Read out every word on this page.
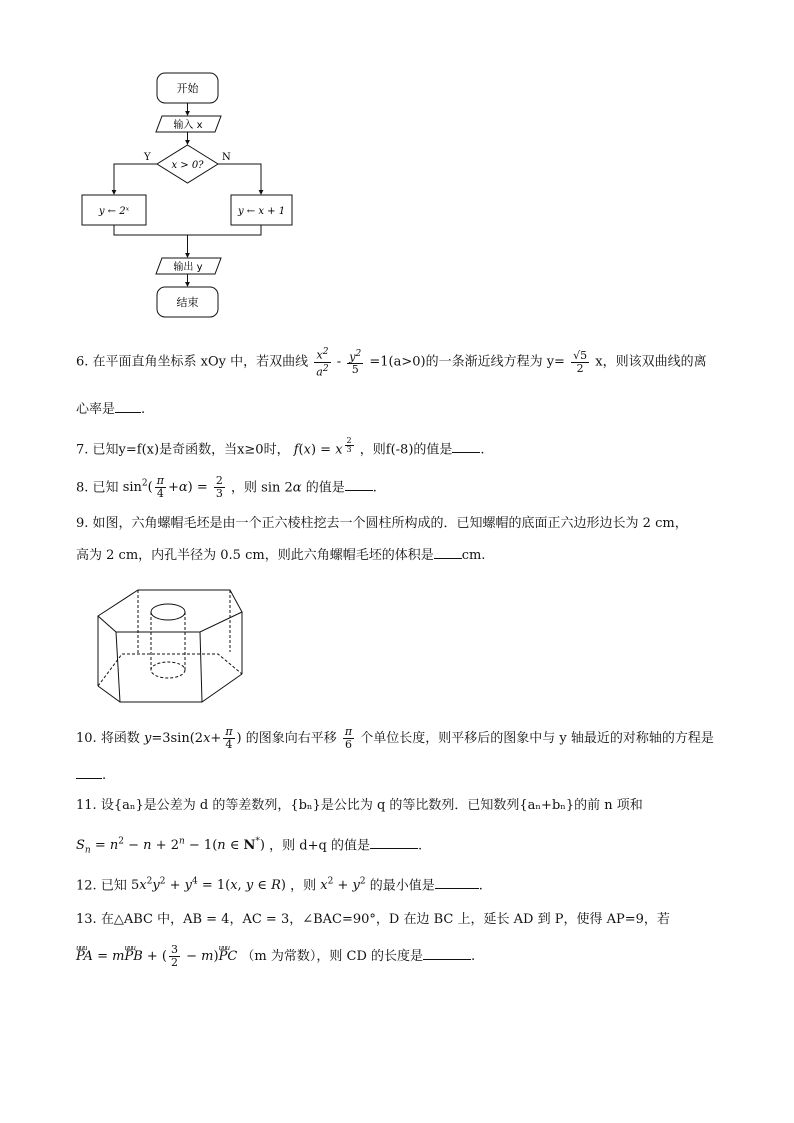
开始
输入 x
x > 0?
Y	N
y ← 2ˣ	y ← x + 1
输出 y
结束
6. 在平面直角坐标系 xOy 中，若双曲线 $\frac{x^2}{a^2} - \frac{y^2}{5} =1(a>0)$的一条渐近线方程为 $y= \frac{√5}{2}$ x，则该双曲线的离
心率是 .
7. 已知y=f(x)是奇函数，当x≥0时， f(x) = x $^{\frac{2}{3}}$ ，则f(-8)的值是 .
8. 已知 $\sin^2( \frac{\pi}{4} +\alpha) = \frac{2}{3}$ ，则 sin 2α 的值是 .
9. 如图，六角螺帽毛坯是由一个正六棱柱挖去一个圆柱所构成的．已知螺帽的底面正六边形边长为 2 cm，
高为 2 cm，内孔半径为 0.5 cm，则此六角螺帽毛坯的体积是 cm.
10. 将函数 $y=3\sin(2x+ \frac{\pi}{4}$ ) 的图象向右平移 $\frac{\pi}{6}$ 个单位长度，则平移后的图象中与 y 轴最近的对称轴的方程是
.
11. 设{aₙ}是公差为 d 的等差数列，{bₙ}是公比为 q 的等比数列．已知数列{aₙ+bₙ}的前 n 项和
$S_n = n^2 - n + 2^n - 1(n$ ∈ N*) ，则 d+q 的值是	.
12. 已知 $5x^2y^2 + y^4 = 1(x$, y ∈ R) ，则 $x^2 + y^2$ 的最小值是	.
13. 在△ABC 中，AB = 4，AC = 3，∠BAC=90°，D 在边 BC 上，延长 AD 到 P，使得 AP=9，若
uuu PA = muuu PB + ( $\frac{3}{2} - m)uuu$ PC （m 为常数），则 CD 的长度是	.
